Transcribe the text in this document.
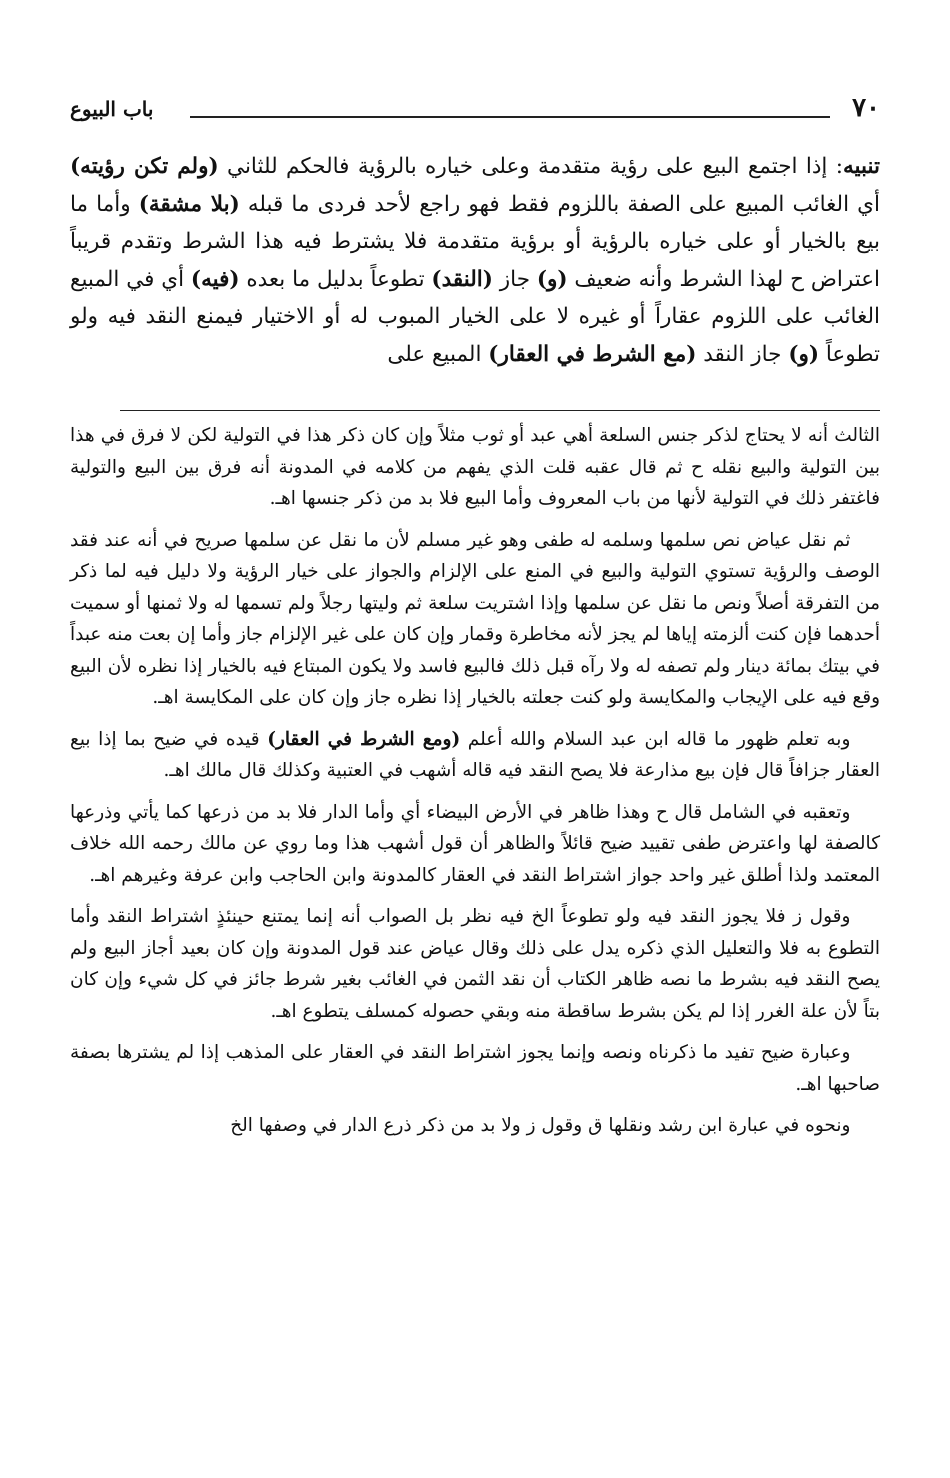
٧٠
باب البيوع
تنبيه: إذا اجتمع البيع على رؤية متقدمة وعلى خياره بالرؤية فالحكم للثاني (ولم تكن رؤيته) أي الغائب المبيع على الصفة باللزوم فقط فهو راجع لأحد فردى ما قبله (بلا مشقة) وأما ما بيع بالخيار أو على خياره بالرؤية أو برؤية متقدمة فلا يشترط فيه هذا الشرط وتقدم قريباً اعتراض ح لهذا الشرط وأنه ضعيف (و) جاز (النقد) تطوعاً بدليل ما بعده (فيه) أي في المبيع الغائب على اللزوم عقاراً أو غيره لا على الخيار المبوب له أو الاختيار فيمنع النقد فيه ولو تطوعاً (و) جاز النقد (مع الشرط في العقار) المبيع على

الثالث أنه لا يحتاج لذكر جنس السلعة أهي عبد أو ثوب مثلاً وإن كان ذكر هذا في التولية لكن لا فرق في هذا بين التولية والبيع نقله ح ثم قال عقبه قلت الذي يفهم من كلامه في المدونة أنه فرق بين البيع والتولية فاغتفر ذلك في التولية لأنها من باب المعروف وأما البيع فلا بد من ذكر جنسها اهـ.

ثم نقل عياض نص سلمها وسلمه له طفى وهو غير مسلم لأن ما نقل عن سلمها صريح في أنه عند فقد الوصف والرؤية تستوي التولية والبيع في المنع على الإلزام والجواز على خيار الرؤية ولا دليل فيه لما ذكر من التفرقة أصلاً ونص ما نقل عن سلمها وإذا اشتريت سلعة ثم وليتها رجلاً ولم تسمها له ولا ثمنها أو سميت أحدهما فإن كنت ألزمته إياها لم يجز لأنه مخاطرة وقمار وإن كان على غير الإلزام جاز وأما إن بعت منه عبداً في بيتك بمائة دينار ولم تصفه له ولا رآه قبل ذلك فالبيع فاسد ولا يكون المبتاع فيه بالخيار إذا نظره لأن البيع وقع فيه على الإيجاب والمكايسة ولو كنت جعلته بالخيار إذا نظره جاز وإن كان على المكايسة اهـ.

وبه تعلم ظهور ما قاله ابن عبد السلام والله أعلم (ومع الشرط في العقار) قيده في ضيح بما إذا بيع العقار جزافاً قال فإن بيع مذارعة فلا يصح النقد فيه قاله أشهب في العتبية وكذلك قال مالك اهـ.

وتعقبه في الشامل قال ح وهذا ظاهر في الأرض البيضاء أي وأما الدار فلا بد من ذرعها كما يأتي وذرعها كالصفة لها واعترض طفى تقييد ضيح قائلاً والظاهر أن قول أشهب هذا وما روي عن مالك رحمه الله خلاف المعتمد ولذا أطلق غير واحد جواز اشتراط النقد في العقار كالمدونة وابن الحاجب وابن عرفة وغيرهم اهـ.

وقول ز فلا يجوز النقد فيه ولو تطوعاً الخ فيه نظر بل الصواب أنه إنما يمتنع حينئذٍ اشتراط النقد وأما التطوع به فلا والتعليل الذي ذكره يدل على ذلك وقال عياض عند قول المدونة وإن كان بعيد أجاز البيع ولم يصح النقد فيه بشرط ما نصه ظاهر الكتاب أن نقد الثمن في الغائب بغير شرط جائز في كل شيء وإن كان بتاً لأن علة الغرر إذا لم يكن بشرط ساقطة منه وبقي حصوله كمسلف يتطوع اهـ.

وعبارة ضيح تفيد ما ذكرناه ونصه وإنما يجوز اشتراط النقد في العقار على المذهب إذا لم يشترها بصفة صاحبها اهـ.

ونحوه في عبارة ابن رشد ونقلها ق وقول ز ولا بد من ذكر ذرع الدار في وصفها الخ
